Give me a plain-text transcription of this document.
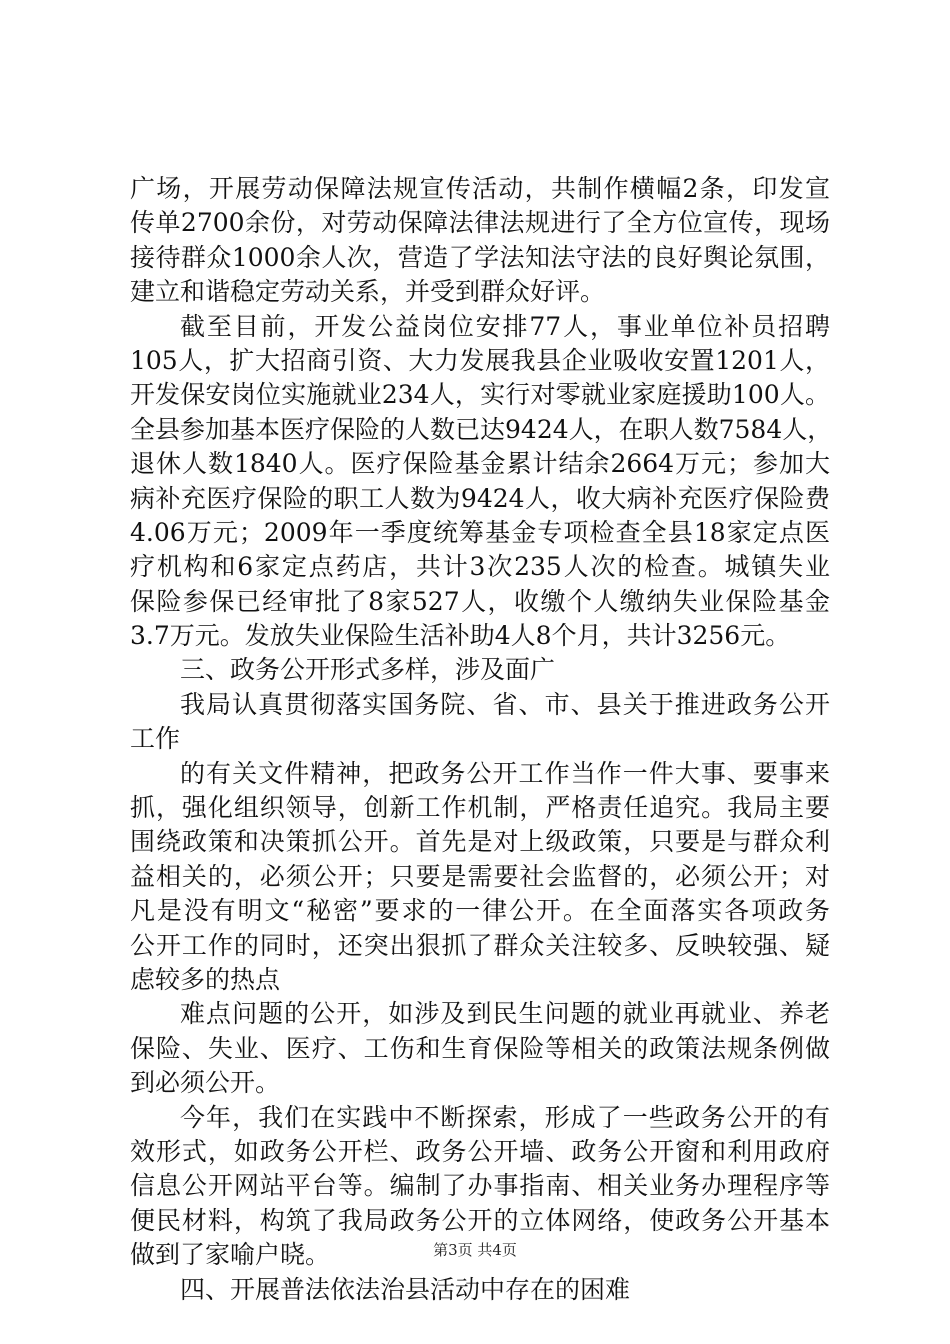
广场，开展劳动保障法规宣传活动，共制作横幅2条，印发宣
传单2700余份，对劳动保障法律法规进行了全方位宣传，现场
接待群众1000余人次，营造了学法知法守法的良好舆论氛围，
建立和谐稳定劳动关系，并受到群众好评。
截至目前，开发公益岗位安排77人，事业单位补员招聘
105人，扩大招商引资、大力发展我县企业吸收安置1201人，
开发保安岗位实施就业234人，实行对零就业家庭援助100人。
全县参加基本医疗保险的人数已达9424人，在职人数7584人，
退休人数1840人。医疗保险基金累计结余2664万元；参加大
病补充医疗保险的职工人数为9424人，收大病补充医疗保险费
4.06万元；2009年一季度统筹基金专项检查全县18家定点医
疗机构和6家定点药店，共计3次235人次的检查。城镇失业
保险参保已经审批了8家527人，收缴个人缴纳失业保险基金
3.7万元。发放失业保险生活补助4人8个月，共计3256元。
三、政务公开形式多样，涉及面广
我局认真贯彻落实国务院、省、市、县关于推进政务公开
工作
的有关文件精神，把政务公开工作当作一件大事、要事来
抓，强化组织领导，创新工作机制，严格责任追究。我局主要
围绕政策和决策抓公开。首先是对上级政策，只要是与群众利
益相关的，必须公开；只要是需要社会监督的，必须公开；对
凡是没有明文“秘密”要求的一律公开。在全面落实各项政务
公开工作的同时，还突出狠抓了群众关注较多、反映较强、疑
虑较多的热点
难点问题的公开，如涉及到民生问题的就业再就业、养老
保险、失业、医疗、工伤和生育保险等相关的政策法规条例做
到必须公开。
今年，我们在实践中不断探索，形成了一些政务公开的有
效形式，如政务公开栏、政务公开墙、政务公开窗和利用政府
信息公开网站平台等。编制了办事指南、相关业务办理程序等
便民材料，构筑了我局政务公开的立体网络，使政务公开基本
做到了家喻户晓。
四、开展普法依法治县活动中存在的困难
第3页 共4页
